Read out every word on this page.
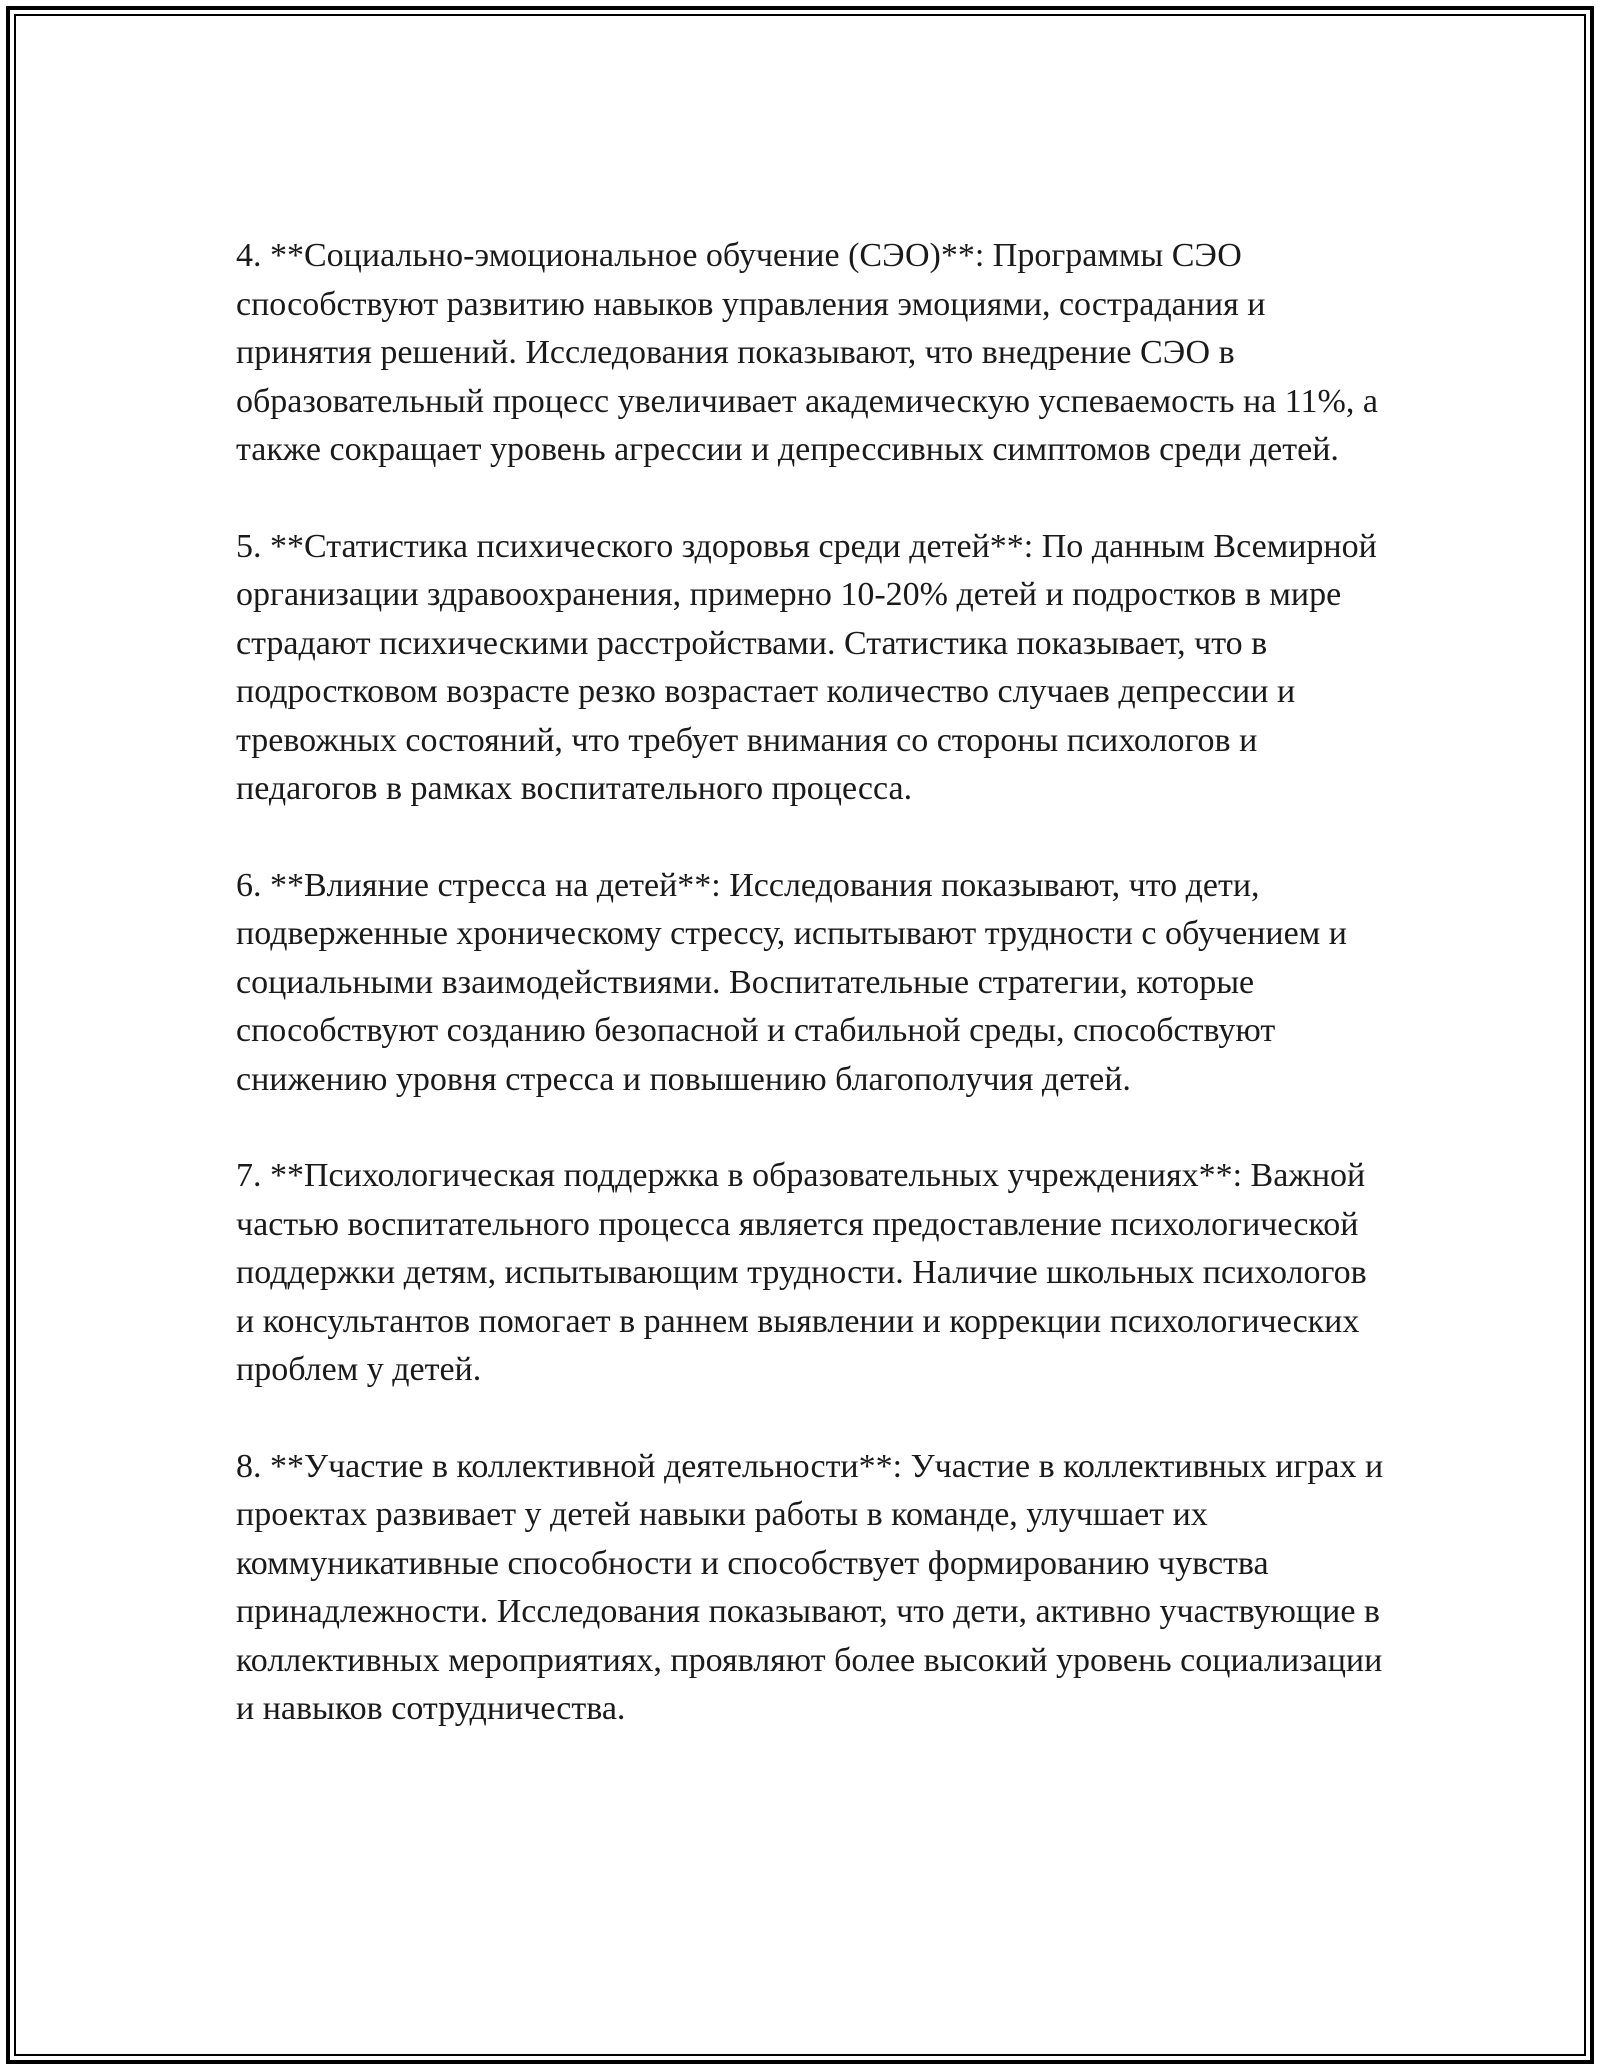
4. **Социально-эмоциональное обучение (СЭО)**: Программы СЭО способствуют развитию навыков управления эмоциями, сострадания и принятия решений. Исследования показывают, что внедрение СЭО в образовательный процесс увеличивает академическую успеваемость на 11%, а также сокращает уровень агрессии и депрессивных симптомов среди детей.

5. **Статистика психического здоровья среди детей**: По данным Всемирной организации здравоохранения, примерно 10-20% детей и подростков в мире страдают психическими расстройствами. Статистика показывает, что в подростковом возрасте резко возрастает количество случаев депрессии и тревожных состояний, что требует внимания со стороны психологов и педагогов в рамках воспитательного процесса.

6. **Влияние стресса на детей**: Исследования показывают, что дети, подверженные хроническому стрессу, испытывают трудности с обучением и социальными взаимодействиями. Воспитательные стратегии, которые способствуют созданию безопасной и стабильной среды, способствуют снижению уровня стресса и повышению благополучия детей.

7. **Психологическая поддержка в образовательных учреждениях**: Важной частью воспитательного процесса является предоставление психологической поддержки детям, испытывающим трудности. Наличие школьных психологов и консультантов помогает в раннем выявлении и коррекции психологических проблем у детей.

8. **Участие в коллективной деятельности**: Участие в коллективных играх и проектах развивает у детей навыки работы в команде, улучшает их коммуникативные способности и способствует формированию чувства принадлежности. Исследования показывают, что дети, активно участвующие в коллективных мероприятиях, проявляют более высокий уровень социализации и навыков сотрудничества.
